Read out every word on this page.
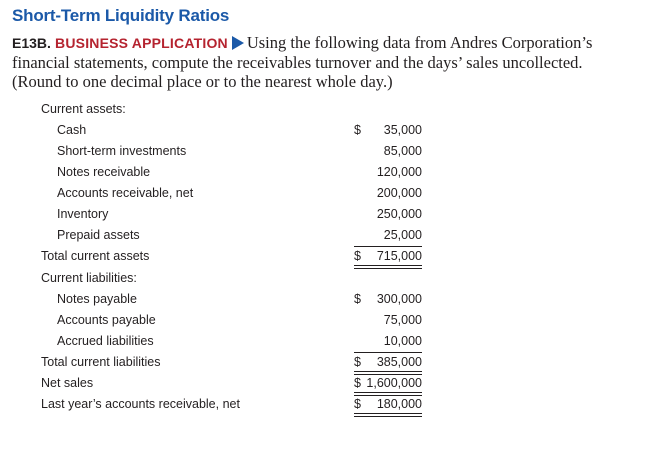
Short-Term Liquidity Ratios
E13B. BUSINESS APPLICATION Using the following data from Andres Corporation’s
financial statements, compute the receivables turnover and the days’ sales uncollected.
(Round to one decimal place or to the nearest whole day.)
Current assets:
Cash	$ 35,000
Short-term investments	85,000
Notes receivable	120,000
Accounts receivable, net	200,000
Inventory	250,000
Prepaid assets	25,000
Total current assets	$ 715,000
Current liabilities:
Notes payable	$ 300,000
Accounts payable	75,000
Accrued liabilities	10,000
Total current liabilities	$ 385,000
Net sales	$ 1,600,000
Last year’s accounts receivable, net	$ 180,000
